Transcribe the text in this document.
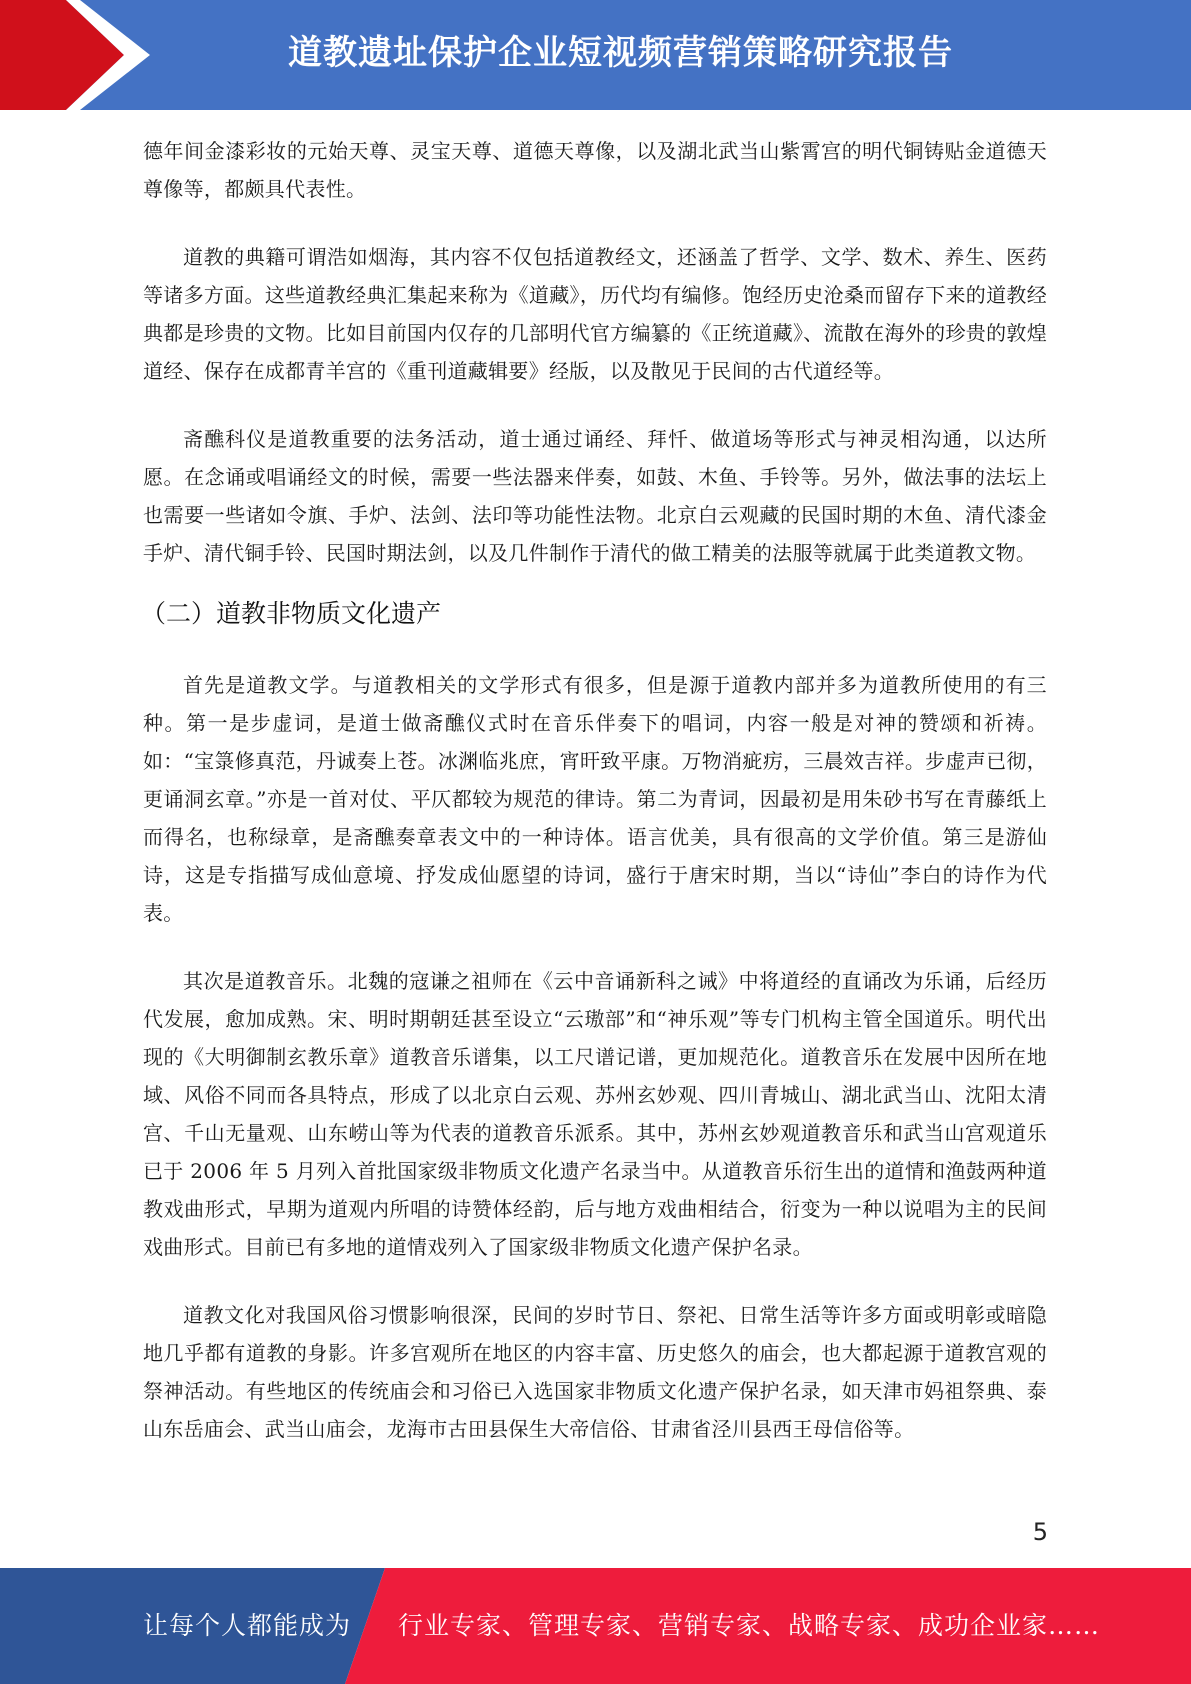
道教遗址保护企业短视频营销策略研究报告

德年间金漆彩妆的元始天尊、灵宝天尊、道德天尊像，以及湖北武当山紫霄宫的明代铜铸贴金道德天尊像等，都颇具代表性。

道教的典籍可谓浩如烟海，其内容不仅包括道教经文，还涵盖了哲学、文学、数术、养生、医药等诸多方面。这些道教经典汇集起来称为《道藏》，历代均有编修。饱经历史沧桑而留存下来的道教经典都是珍贵的文物。比如目前国内仅存的几部明代官方编纂的《正统道藏》、流散在海外的珍贵的敦煌道经、保存在成都青羊宫的《重刊道藏辑要》经版，以及散见于民间的古代道经等。

斋醮科仪是道教重要的法务活动，道士通过诵经、拜忏、做道场等形式与神灵相沟通，以达所愿。在念诵或唱诵经文的时候，需要一些法器来伴奏，如鼓、木鱼、手铃等。另外，做法事的法坛上也需要一些诸如令旗、手炉、法剑、法印等功能性法物。北京白云观藏的民国时期的木鱼、清代漆金手炉、清代铜手铃、民国时期法剑，以及几件制作于清代的做工精美的法服等就属于此类道教文物。

（二）道教非物质文化遗产

首先是道教文学。与道教相关的文学形式有很多，但是源于道教内部并多为道教所使用的有三种。第一是步虚词，是道士做斋醮仪式时在音乐伴奏下的唱词，内容一般是对神的赞颂和祈祷。如：“宝箓修真范，丹诚奏上苍。冰渊临兆庶，宵旰致平康。万物消疵疠，三晨效吉祥。步虚声已彻，更诵洞玄章。”亦是一首对仗、平仄都较为规范的律诗。第二为青词，因最初是用朱砂书写在青藤纸上而得名，也称绿章，是斋醮奏章表文中的一种诗体。语言优美，具有很高的文学价值。第三是游仙诗，这是专指描写成仙意境、抒发成仙愿望的诗词，盛行于唐宋时期，当以“诗仙”李白的诗作为代表。

其次是道教音乐。北魏的寇谦之祖师在《云中音诵新科之诫》中将道经的直诵改为乐诵，后经历代发展，愈加成熟。宋、明时期朝廷甚至设立“云璈部”和“神乐观”等专门机构主管全国道乐。明代出现的《大明御制玄教乐章》道教音乐谱集，以工尺谱记谱，更加规范化。道教音乐在发展中因所在地域、风俗不同而各具特点，形成了以北京白云观、苏州玄妙观、四川青城山、湖北武当山、沈阳太清宫、千山无量观、山东崂山等为代表的道教音乐派系。其中，苏州玄妙观道教音乐和武当山宫观道乐已于 2006 年 5 月列入首批国家级非物质文化遗产名录当中。从道教音乐衍生出的道情和渔鼓两种道教戏曲形式，早期为道观内所唱的诗赞体经韵，后与地方戏曲相结合，衍变为一种以说唱为主的民间戏曲形式。目前已有多地的道情戏列入了国家级非物质文化遗产保护名录。

道教文化对我国风俗习惯影响很深，民间的岁时节日、祭祀、日常生活等许多方面或明彰或暗隐地几乎都有道教的身影。许多宫观所在地区的内容丰富、历史悠久的庙会，也大都起源于道教宫观的祭神活动。有些地区的传统庙会和习俗已入选国家非物质文化遗产保护名录，如天津市妈祖祭典、泰山东岳庙会、武当山庙会，龙海市古田县保生大帝信俗、甘肃省泾川县西王母信俗等。

5
让每个人都能成为 行业专家、管理专家、营销专家、战略专家、成功企业家……
